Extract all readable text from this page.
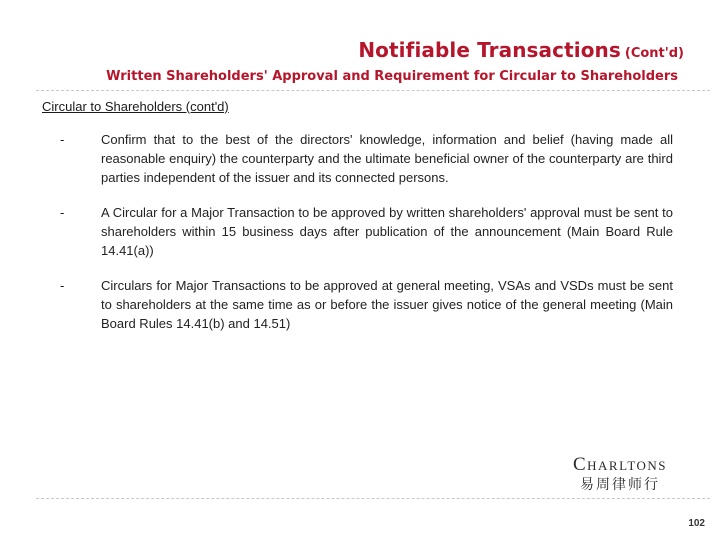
Notifiable Transactions (Cont'd)
Written Shareholders' Approval and Requirement for Circular to Shareholders
Circular to Shareholders (cont'd)
-	Confirm that to the best of the directors' knowledge, information and belief (having made all reasonable enquiry) the counterparty and the ultimate beneficial owner of the counterparty are third parties independent of the issuer and its connected persons.
-	A Circular for a Major Transaction to be approved by written shareholders' approval must be sent to shareholders within 15 business days after publication of the announcement (Main Board Rule 14.41(a))
-	Circulars for Major Transactions to be approved at general meeting, VSAs and VSDs must be sent to shareholders at the same time as or before the issuer gives notice of the general meeting (Main Board Rules 14.41(b) and 14.51)
Charltons
易周律师行
102
